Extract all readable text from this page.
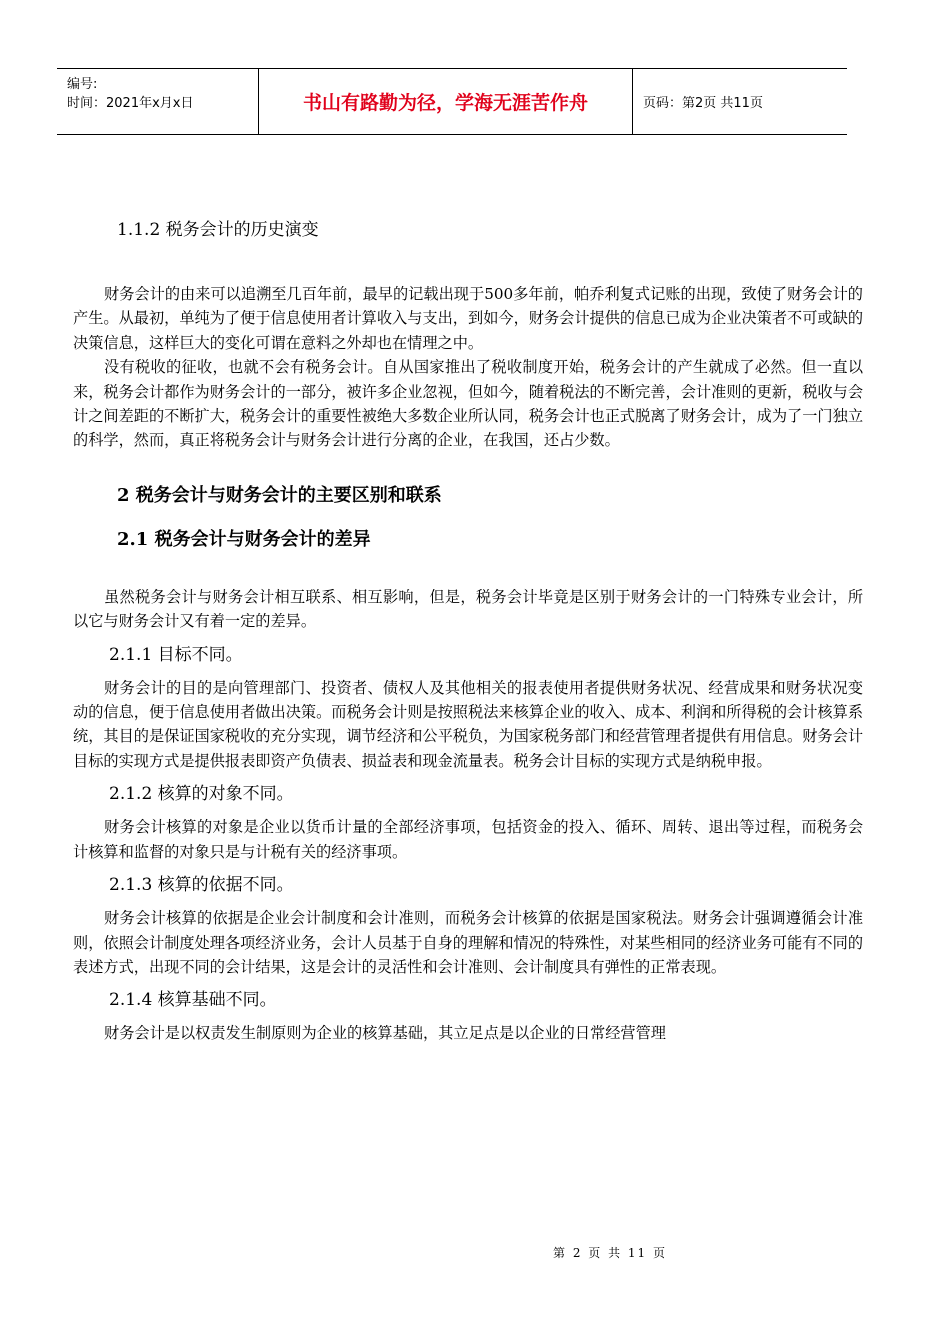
编号:
时间：2021年x月x日	书山有路勤为径，学海无涯苦作舟	页码：第2页 共11页
1.1.2 税务会计的历史演变

财务会计的由来可以追溯至几百年前，最早的记载出现于500多年前，帕乔利复式记账的出现，致使了财务会计的产生。从最初，单纯为了便于信息使用者计算收入与支出，到如今，财务会计提供的信息已成为企业决策者不可或缺的决策信息，这样巨大的变化可谓在意料之外却也在情理之中。

没有税收的征收，也就不会有税务会计。自从国家推出了税收制度开始，税务会计的产生就成了必然。但一直以来，税务会计都作为财务会计的一部分，被许多企业忽视，但如今，随着税法的不断完善，会计准则的更新，税收与会计之间差距的不断扩大，税务会计的重要性被绝大多数企业所认同，税务会计也正式脱离了财务会计，成为了一门独立的科学，然而，真正将税务会计与财务会计进行分离的企业，在我国，还占少数。

2 税务会计与财务会计的主要区别和联系
2.1 税务会计与财务会计的差异

虽然税务会计与财务会计相互联系、相互影响，但是，税务会计毕竟是区别于财务会计的一门特殊专业会计，所以它与财务会计又有着一定的差异。

2.1.1 目标不同。

财务会计的目的是向管理部门、投资者、债权人及其他相关的报表使用者提供财务状况、经营成果和财务状况变动的信息，便于信息使用者做出决策。而税务会计则是按照税法来核算企业的收入、成本、利润和所得税的会计核算系统，其目的是保证国家税收的充分实现，调节经济和公平税负，为国家税务部门和经营管理者提供有用信息。财务会计目标的实现方式是提供报表即资产负债表、损益表和现金流量表。税务会计目标的实现方式是纳税申报。

2.1.2 核算的对象不同。

财务会计核算的对象是企业以货币计量的全部经济事项，包括资金的投入、循环、周转、退出等过程，而税务会计核算和监督的对象只是与计税有关的经济事项。

2.1.3 核算的依据不同。

财务会计核算的依据是企业会计制度和会计准则，而税务会计核算的依据是国家税法。财务会计强调遵循会计准则，依照会计制度处理各项经济业务，会计人员基于自身的理解和情况的特殊性，对某些相同的经济业务可能有不同的表述方式，出现不同的会计结果，这是会计的灵活性和会计准则、会计制度具有弹性的正常表现。

2.1.4 核算基础不同。

财务会计是以权责发生制原则为企业的核算基础，其立足点是以企业的日常经营管理

第 2 页 共 11 页
